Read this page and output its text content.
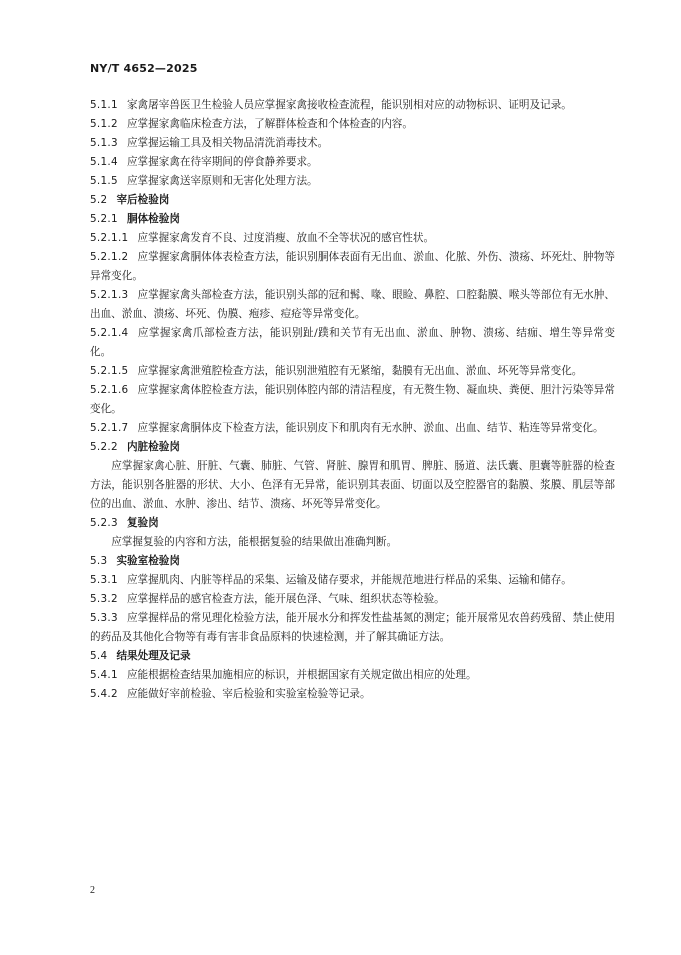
NY/T 4652—2025

5.1.1 家禽屠宰兽医卫生检验人员应掌握家禽接收检查流程，能识别相对应的动物标识、证明及记录。

5.1.2 应掌握家禽临床检查方法，了解群体检查和个体检查的内容。

5.1.3 应掌握运输工具及相关物品清洗消毒技术。

5.1.4 应掌握家禽在待宰期间的停食静养要求。

5.1.5 应掌握家禽送宰原则和无害化处理方法。

5.2 宰后检验岗

5.2.1 胴体检验岗

5.2.1.1 应掌握家禽发育不良、过度消瘦、放血不全等状况的感官性状。

5.2.1.2 应掌握家禽胴体体表检查方法，能识别胴体表面有无出血、淤血、化脓、外伤、溃疡、坏死灶、肿物等异常变化。

5.2.1.3 应掌握家禽头部检查方法，能识别头部的冠和髯、喙、眼睑、鼻腔、口腔黏膜、喉头等部位有无水肿、出血、淤血、溃疡、坏死、伪膜、疱疹、痘疮等异常变化。

5.2.1.4 应掌握家禽爪部检查方法，能识别趾/蹼和关节有无出血、淤血、肿物、溃疡、结痂、增生等异常变化。

5.2.1.5 应掌握家禽泄殖腔检查方法，能识别泄殖腔有无紧缩，黏膜有无出血、淤血、坏死等异常变化。

5.2.1.6 应掌握家禽体腔检查方法，能识别体腔内部的清洁程度，有无赘生物、凝血块、粪便、胆汁污染等异常变化。

5.2.1.7 应掌握家禽胴体皮下检查方法，能识别皮下和肌肉有无水肿、淤血、出血、结节、粘连等异常变化。

5.2.2 内脏检验岗

应掌握家禽心脏、肝脏、气囊、肺脏、气管、肾脏、腺胃和肌胃、脾脏、肠道、法氏囊、胆囊等脏器的检查方法，能识别各脏器的形状、大小、色泽有无异常，能识别其表面、切面以及空腔器官的黏膜、浆膜、肌层等部位的出血、淤血、水肿、渗出、结节、溃疡、坏死等异常变化。

5.2.3 复验岗

应掌握复验的内容和方法，能根据复验的结果做出准确判断。

5.3 实验室检验岗

5.3.1 应掌握肌肉、内脏等样品的采集、运输及储存要求，并能规范地进行样品的采集、运输和储存。

5.3.2 应掌握样品的感官检查方法，能开展色泽、气味、组织状态等检验。

5.3.3 应掌握样品的常见理化检验方法，能开展水分和挥发性盐基氮的测定；能开展常见农兽药残留、禁止使用的药品及其他化合物等有毒有害非食品原料的快速检测，并了解其确证方法。

5.4 结果处理及记录

5.4.1 应能根据检查结果加施相应的标识，并根据国家有关规定做出相应的处理。

5.4.2 应能做好宰前检验、宰后检验和实验室检验等记录。

2
